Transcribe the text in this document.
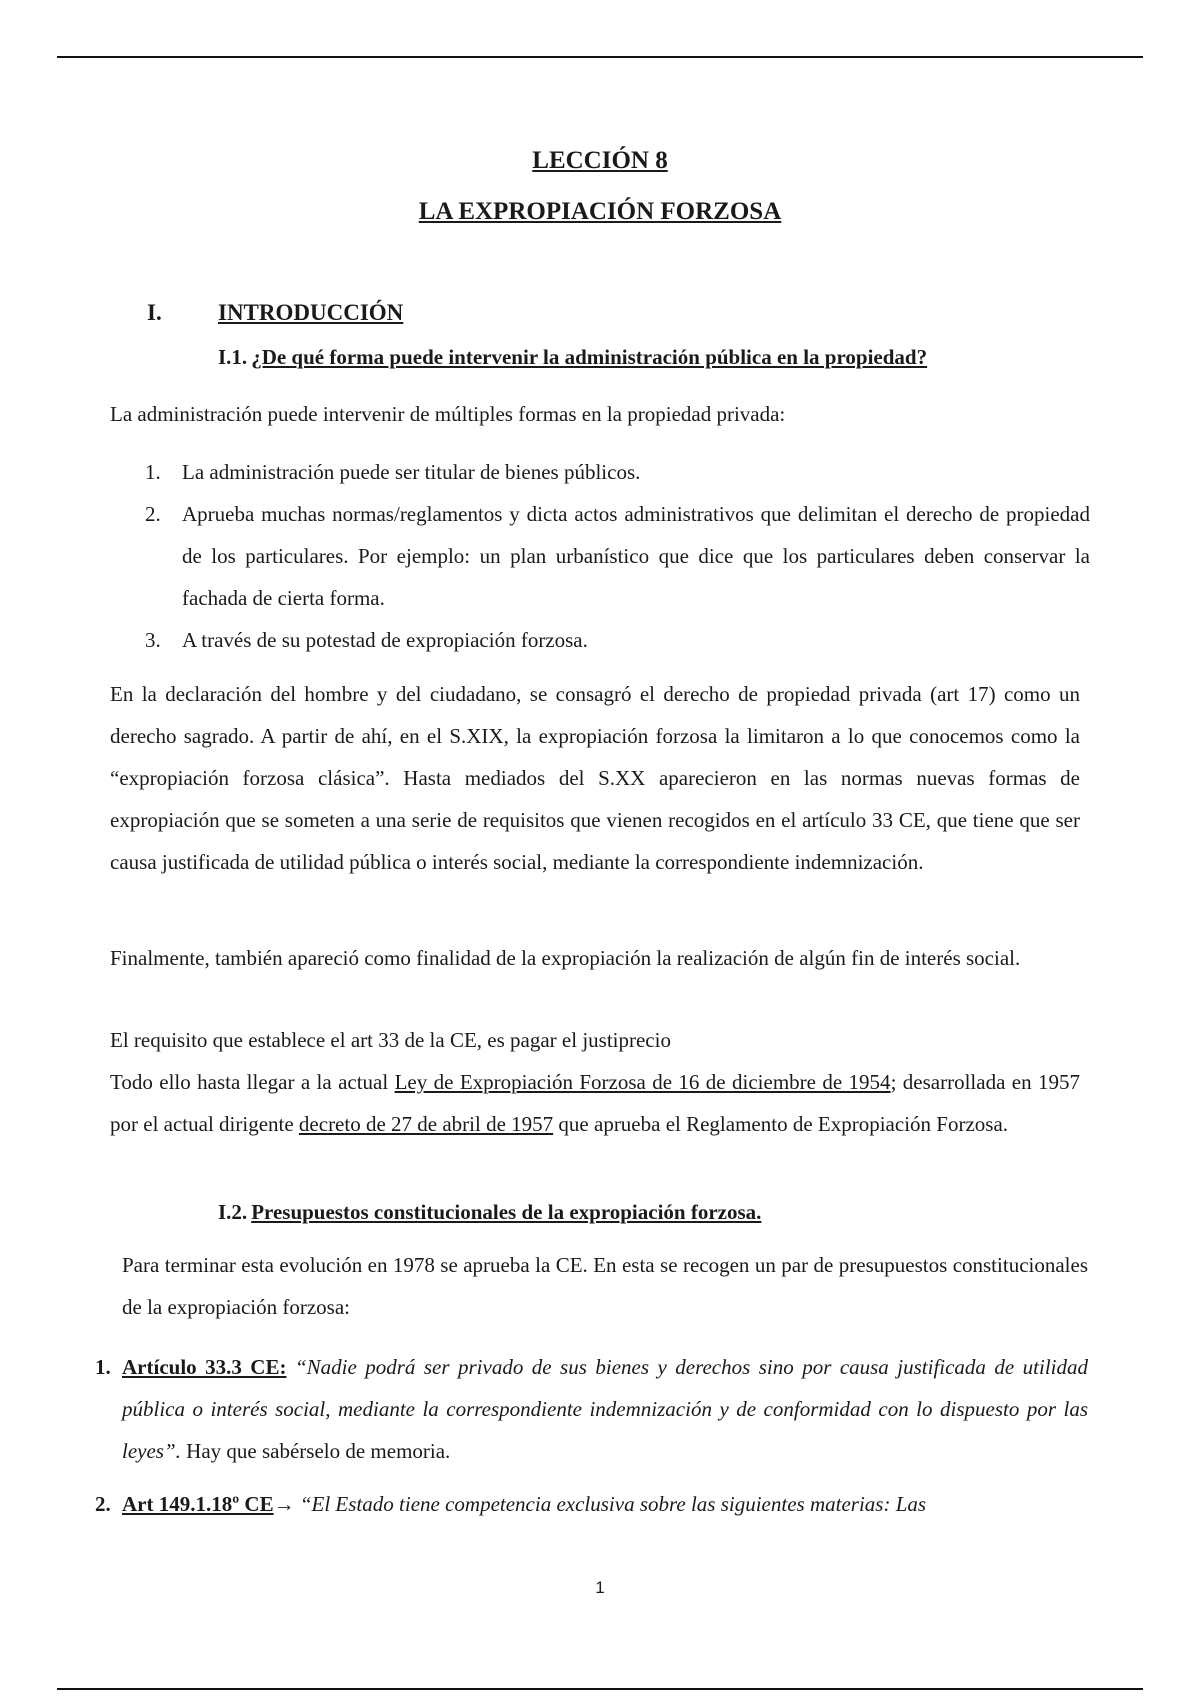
LECCIÓN 8
LA EXPROPIACIÓN FORZOSA
I. INTRODUCCIÓN
I.1. ¿De qué forma puede intervenir la administración pública en la propiedad?

La administración puede intervenir de múltiples formas en la propiedad privada:

1. La administración puede ser titular de bienes públicos.
2. Aprueba muchas normas/reglamentos y dicta actos administrativos que delimitan el derecho de propiedad de los particulares. Por ejemplo: un plan urbanístico que dice que los particulares deben conservar la fachada de cierta forma.
3. A través de su potestad de expropiación forzosa.

En la declaración del hombre y del ciudadano, se consagró el derecho de propiedad privada (art 17) como un derecho sagrado. A partir de ahí, en el S.XIX, la expropiación forzosa la limitaron a lo que conocemos como la “expropiación forzosa clásica”. Hasta mediados del S.XX aparecieron en las normas nuevas formas de expropiación que se someten a una serie de requisitos que vienen recogidos en el artículo 33 CE, que tiene que ser causa justificada de utilidad pública o interés social, mediante la correspondiente indemnización.

Finalmente, también apareció como finalidad de la expropiación la realización de algún fin de interés social.

El requisito que establece el art 33 de la CE, es pagar el justiprecio

Todo ello hasta llegar a la actual Ley de Expropiación Forzosa de 16 de diciembre de 1954; desarrollada en 1957 por el actual dirigente decreto de 27 de abril de 1957 que aprueba el Reglamento de Expropiación Forzosa.

I.2. Presupuestos constitucionales de la expropiación forzosa.

Para terminar esta evolución en 1978 se aprueba la CE. En esta se recogen un par de presupuestos constitucionales de la expropiación forzosa:

1. Artículo 33.3 CE: “Nadie podrá ser privado de sus bienes y derechos sino por causa justificada de utilidad pública o interés social, mediante la correspondiente indemnización y de conformidad con lo dispuesto por las leyes”. Hay que sabérselo de memoria.
2. Art 149.1.18º CE→ “El Estado tiene competencia exclusiva sobre las siguientes materias: Las
1
